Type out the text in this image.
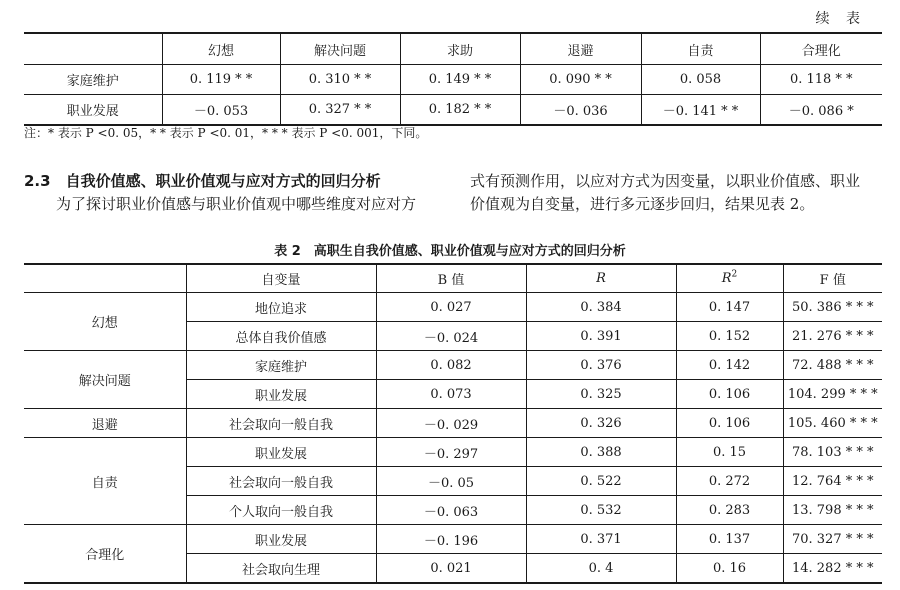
续 表
	幻想	解决问题	求助	退避	自责	合理化
家庭维护	0. 119 * *	0. 310 * *	0. 149 * *	0. 090 * *	0. 058	0. 118 * *
职业发展	－0. 053	0. 327 * *	0. 182 * *	－0. 036	－0. 141 * *	－0. 086 *
注：* 表示 P <0. 05，* * 表示 P <0. 01，* * * 表示 P <0. 001，下同。
2.3　自我价值感、职业价值观与应对方式的回归分析
为了探讨职业价值感与职业价值观中哪些维度对应对方
式有预测作用，以应对方式为因变量，以职业价值感、职业
价值观为自变量，进行多元逐步回归，结果见表 2。
表 2　高职生自我价值感、职业价值观与应对方式的回归分析
	自变量	B 值	R	$R^2$	F 值
幻想	地位追求	0. 027	0. 384	0. 147	50. 386 * * *
	总体自我价值感	－0. 024	0. 391	0. 152	21. 276 * * *
解决问题	家庭维护	0. 082	0. 376	0. 142	72. 488 * * *
	职业发展	0. 073	0. 325	0. 106	104. 299 * * *
退避	社会取向一般自我	－0. 029	0. 326	0. 106	105. 460 * * *
自责	职业发展	－0. 297	0. 388	0. 15	78. 103 * * *
	社会取向一般自我	－0. 05	0. 522	0. 272	12. 764 * * *
	个人取向一般自我	－0. 063	0. 532	0. 283	13. 798 * * *
合理化	职业发展	－0. 196	0. 371	0. 137	70. 327 * * *
	社会取向生理	0. 021	0. 4	0. 16	14. 282 * * *
